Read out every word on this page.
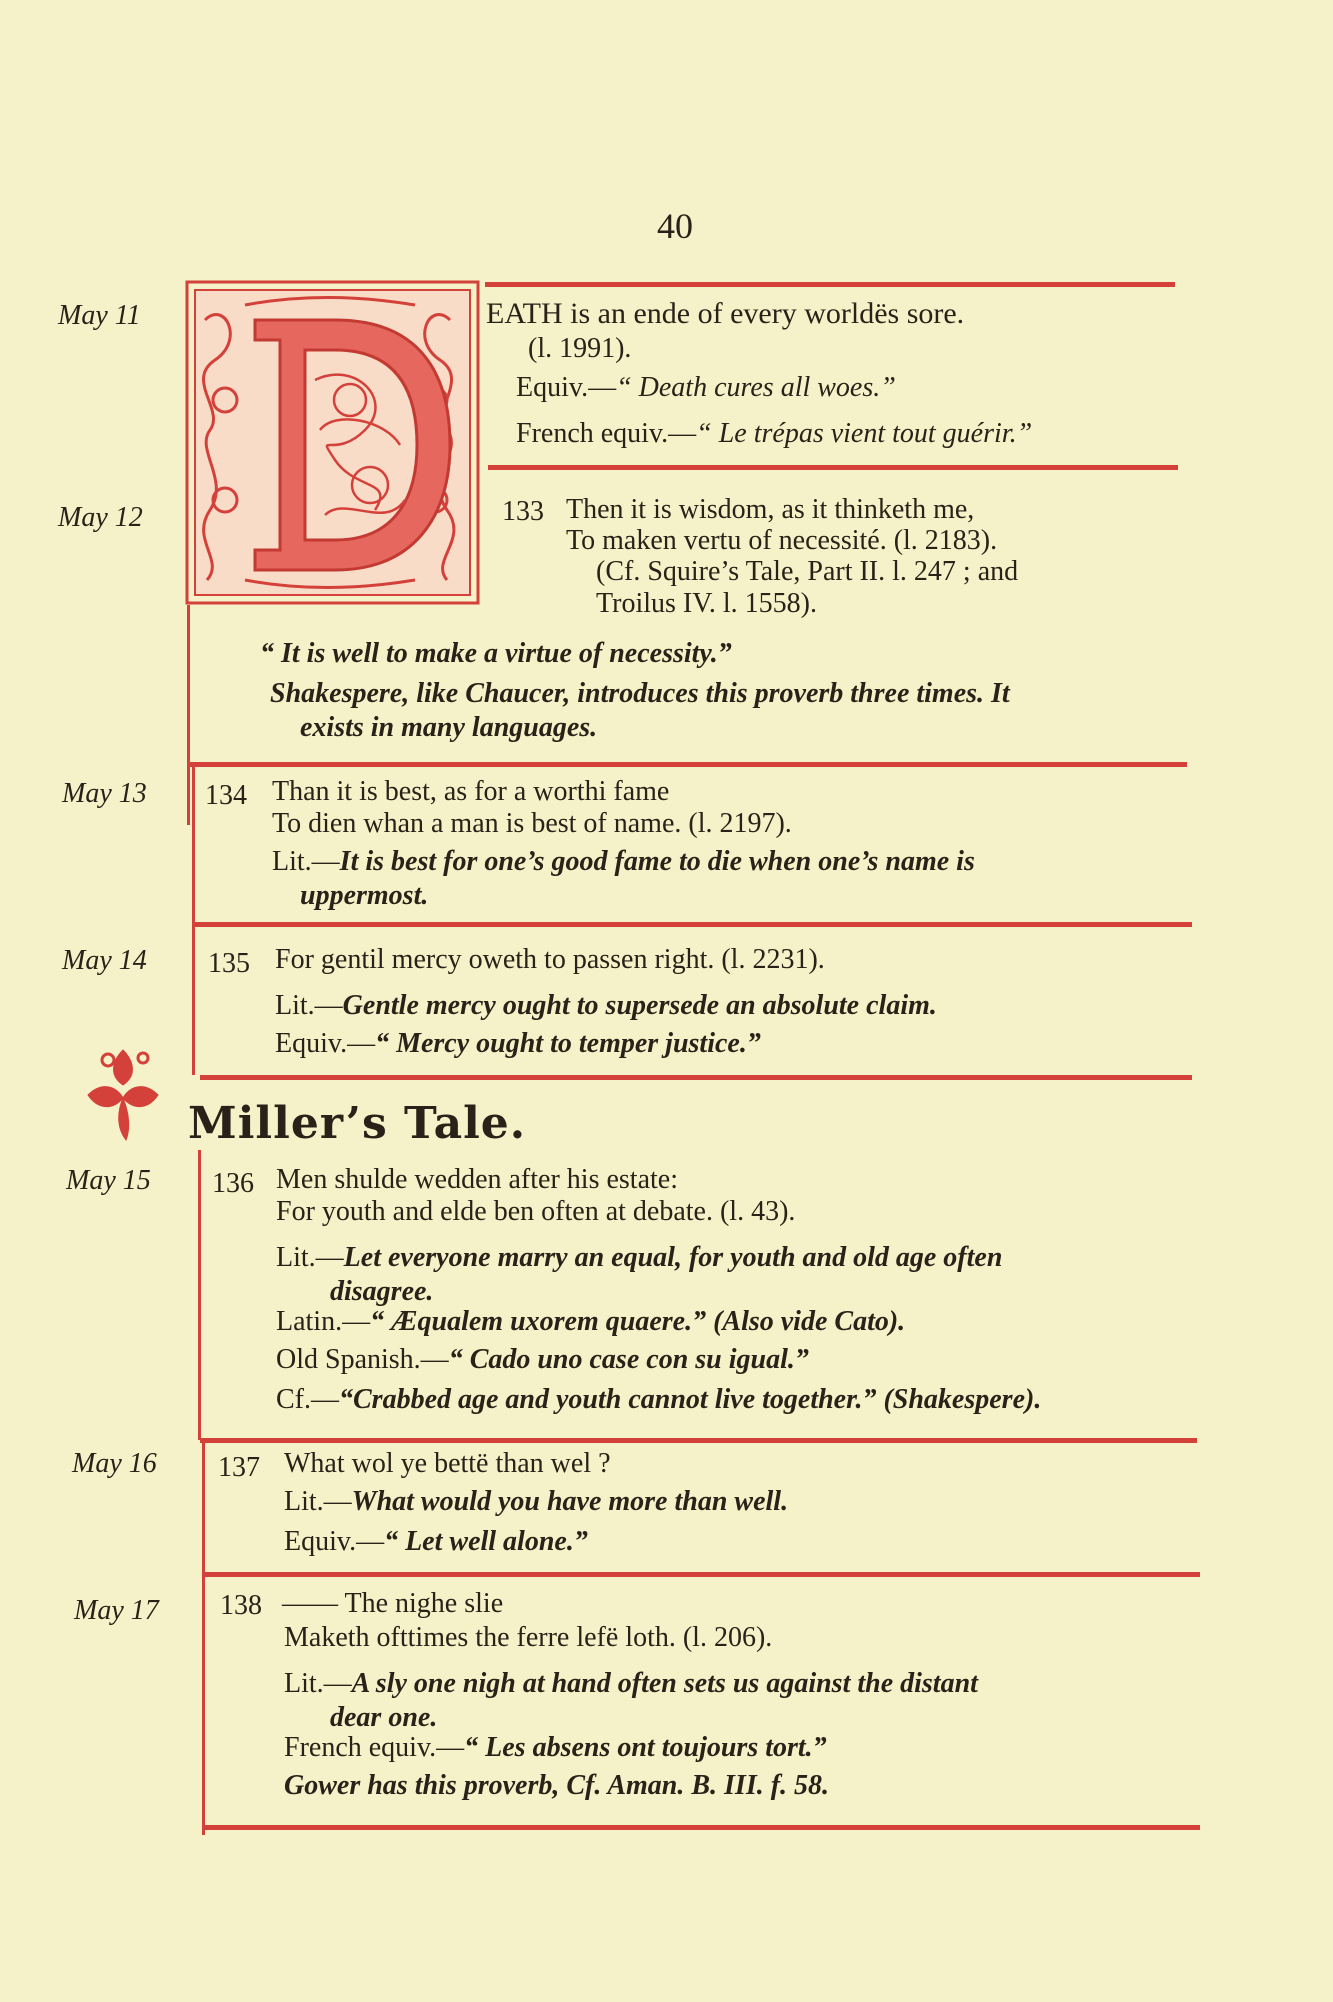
40
May 11
May 12
May 13
May 14
May 15
May 16
May 17
EATH is an ende of every worldës sore.
(l. 1991).
Equiv.—“ Death cures all woes.”
French equiv.—“ Le trépas vient tout guérir.”
133 Then it is wisdom, as it thinketh me,
To maken vertu of necessité. (l. 2183).
(Cf. Squire’s Tale, Part II. l. 247 ; and
Troilus IV. l. 1558).
“ It is well to make a virtue of necessity.”
Shakespere, like Chaucer, introduces this proverb three times. It
exists in many languages.
134 Than it is best, as for a worthi fame
To dien whan a man is best of name. (l. 2197).
Lit.—It is best for one’s good fame to die when one’s name is
uppermost.
135 For gentil mercy oweth to passen right. (l. 2231).
Lit.—Gentle mercy ought to supersede an absolute claim.
Equiv.—“ Mercy ought to temper justice.”
Miller’s Tale.
136 Men shulde wedden after his estate:
For youth and elde ben often at debate. (l. 43).
Lit.—Let everyone marry an equal, for youth and old age often
disagree.
Latin.—“ Æqualem uxorem quaere.” (Also vide Cato).
Old Spanish.—“ Cado uno case con su igual.”
Cf.—“Crabbed age and youth cannot live together.” (Shakespere).
137 What wol ye bettë than wel ?
Lit.—What would you have more than well.
Equiv.—“ Let well alone.”
138 —— The nighe slie
Maketh ofttimes the ferre lefë loth. (l. 206).
Lit.—A sly one nigh at hand often sets us against the distant
dear one.
French equiv.—“ Les absens ont toujours tort.”
Gower has this proverb, Cf. Aman. B. III. f. 58.
